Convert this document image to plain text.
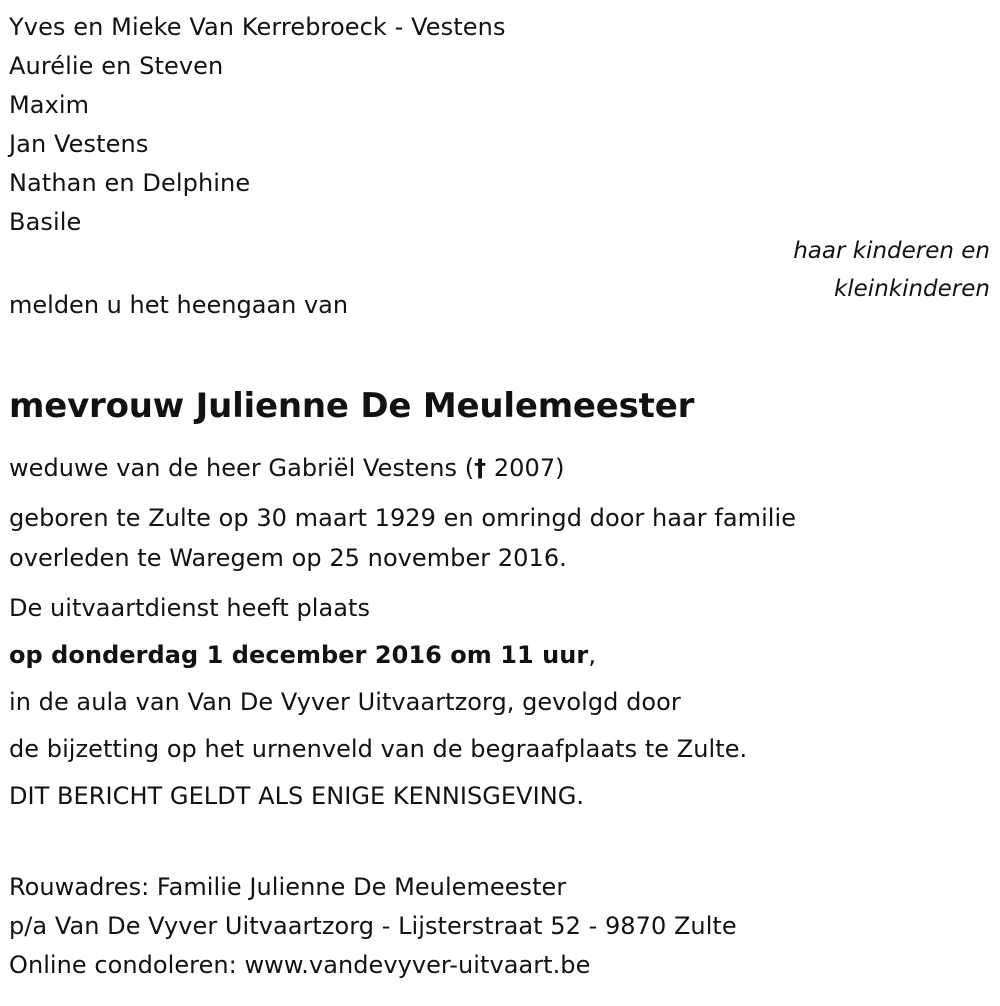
Yves en Mieke Van Kerrebroeck - Vestens
Aurélie en Steven
Maxim
Jan Vestens
Nathan en Delphine
Basile
haar kinderen en
kleinkinderen
melden u het heengaan van
mevrouw Julienne De Meulemeester
weduwe van de heer Gabriël Vestens († 2007)
geboren te Zulte op 30 maart 1929 en omringd door haar familie
overleden te Waregem op 25 november 2016.
De uitvaartdienst heeft plaats
op donderdag 1 december 2016 om 11 uur,
in de aula van Van De Vyver Uitvaartzorg, gevolgd door
de bijzetting op het urnenveld van de begraafplaats te Zulte.
DIT BERICHT GELDT ALS ENIGE KENNISGEVING.
Rouwadres: Familie Julienne De Meulemeester
p/a Van De Vyver Uitvaartzorg - Lijsterstraat 52 - 9870 Zulte
Online condoleren: www.vandevyver-uitvaart.be
